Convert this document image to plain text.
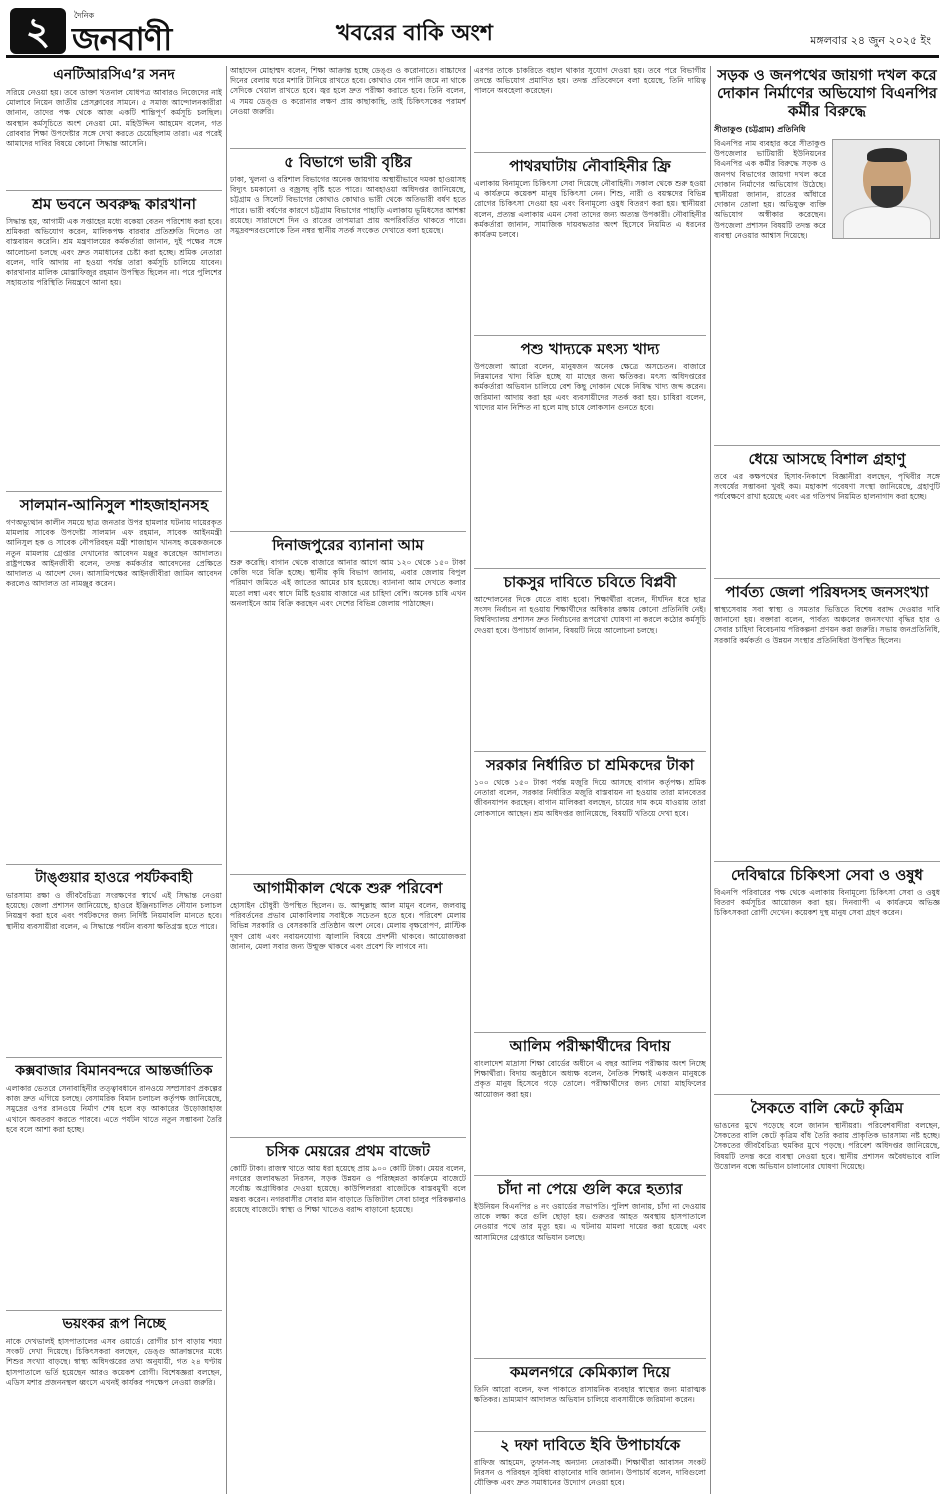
২	দৈনিক
জনবাণী	খবরের বাকি অংশ	মঙ্গলবার ২৪ জুন ২০২৫ ইং
এনটিআরসিএ’র সনদ

সরিয়ে নেওয়া হয়। তবে ডাক্তা খতনাল যোধপত্র আবারও নিজেদের নাই মোলাবে নিয়েন জাতীয় প্রেসক্লাবের সামনে। ৫ সমাজ আন্দোলনকারীরা জানান, তাদের পক্ষ থেকে আজ একটি শান্তিপূর্ণ কর্মসূচি চলছিল। অবস্থান কর্মসূচিতে অংশ নেওয়া মো. মহিউদ্দিন আহমেদ বলেন, গত রোববার শিক্ষা উপদেষ্টার সঙ্গে দেখা করতে চেয়েছিলাম তারা। এর পরেই আমাদের দাবির বিষয়ে কোনো সিদ্ধান্ত আসেনি।

শ্রম ভবনে অবরুদ্ধ কারখানা

সিদ্ধান্ত হয়, আগামী এক সপ্তাহের মধ্যে বকেয়া বেতন পরিশোধ করা হবে। শ্রমিকরা অভিযোগ করেন, মালিকপক্ষ বারবার প্রতিশ্রুতি দিলেও তা বাস্তবায়ন করেনি। শ্রম মন্ত্রণালয়ের কর্মকর্তারা জানান, দুই পক্ষের সঙ্গে আলোচনা চলছে এবং দ্রুত সমাধানের চেষ্টা করা হচ্ছে। শ্রমিক নেতারা বলেন, দাবি আদায় না হওয়া পর্যন্ত তারা কর্মসূচি চালিয়ে যাবেন। কারখানার মালিক মোস্তাফিজুর রহমান উপস্থিত ছিলেন না। পরে পুলিশের সহায়তায় পরিস্থিতি নিয়ন্ত্রণে আনা হয়।

সালমান-আনিসুল শাহজাহানসহ

গণঅভ্যুত্থান কালীন সময়ে ছাত্র জনতার উপর হামলার ঘটনায় দায়েরকৃত মামলায় সাবেক উপদেষ্টা সালমান এফ রহমান, সাবেক আইনমন্ত্রী আনিসুল হক ও সাবেক নৌপরিবহন মন্ত্রী শাজাহান খানসহ কয়েকজনকে নতুন মামলায় গ্রেপ্তার দেখানোর আবেদন মঞ্জুর করেছেন আদালত। রাষ্ট্রপক্ষের আইনজীবী বলেন, তদন্ত কর্মকর্তার আবেদনের প্রেক্ষিতে আদালত এ আদেশ দেন। আসামিপক্ষের আইনজীবীরা জামিন আবেদন করলেও আদালত তা নামঞ্জুর করেন।

টাঙ্গুয়ার হাওরে পর্যটকবাহী

ভারসাম্য রক্ষা ও জীববৈচিত্র্য সংরক্ষণের স্বার্থে এই সিদ্ধান্ত নেওয়া হয়েছে। জেলা প্রশাসন জানিয়েছে, হাওরে ইঞ্জিনচালিত নৌযান চলাচল নিয়ন্ত্রণ করা হবে এবং পর্যটকদের জন্য নির্দিষ্ট নিয়মাবলি মানতে হবে। স্থানীয় ব্যবসায়ীরা বলেন, এ সিদ্ধান্তে পর্যটন ব্যবসা ক্ষতিগ্রস্ত হতে পারে।

কক্সবাজার বিমানবন্দরে আন্তর্জাতিক

এলাকার ভেতরে সেনাবাহিনীর তত্ত্বাবধানে রানওয়ে সম্প্রসারণ প্রকল্পের কাজ দ্রুত এগিয়ে চলছে। বেসামরিক বিমান চলাচল কর্তৃপক্ষ জানিয়েছে, সমুদ্রের ওপর রানওয়ে নির্মাণ শেষ হলে বড় আকারের উড়োজাহাজ এখানে অবতরণ করতে পারবে। এতে পর্যটন খাতে নতুন সম্ভাবনা তৈরি হবে বলে আশা করা হচ্ছে।

ভয়ংকর রূপ নিচ্ছে

নাকে দেখভালই হাসপাতালের এসব ওয়ার্ডে। রোগীর চাপ বাড়ায় শয্যা সংকট দেখা দিয়েছে। চিকিৎসকরা বলছেন, ডেঙ্গু আক্রান্তদের মধ্যে শিশুর সংখ্যা বাড়ছে। স্বাস্থ্য অধিদপ্তরের তথ্য অনুযায়ী, গত ২৪ ঘণ্টায় হাসপাতালে ভর্তি হয়েছেন আরও কয়েকশ রোগী। বিশেষজ্ঞরা বলছেন, এডিস মশার প্রজননস্থল ধ্বংসে এখনই কার্যকর পদক্ষেপ নেওয়া জরুরি।

আহাদেন মোহাম্মদ বলেন, শিক্ষা আক্রান্ত হচ্ছে ডেঙ্গু ও করোনাতে। বাচ্চাদের দিনের বেলায় ঘরে মশারি টানিয়ে রাখতে হবে। কোথাও যেন পানি জমে না থাকে সেদিকে খেয়াল রাখতে হবে। জ্বর হলে দ্রুত পরীক্ষা করাতে হবে। তিনি বলেন, এ সময় ডেঙ্গু ও করোনার লক্ষণ প্রায় কাছাকাছি, তাই চিকিৎসকের পরামর্শ নেওয়া জরুরি।

৫ বিভাগে ভারী বৃষ্টির

ঢাকা, খুলনা ও বরিশাল বিভাগের অনেক জায়গায় অস্থায়ীভাবে দমকা হাওয়াসহ বিদ্যুৎ চমকানো ও বজ্রসহ বৃষ্টি হতে পারে। আবহাওয়া অধিদপ্তর জানিয়েছে, চট্টগ্রাম ও সিলেট বিভাগের কোথাও কোথাও ভারী থেকে অতিভারী বর্ষণ হতে পারে। ভারী বর্ষণের কারণে চট্টগ্রাম বিভাগের পাহাড়ি এলাকায় ভূমিধসের আশঙ্কা রয়েছে। সারাদেশে দিন ও রাতের তাপমাত্রা প্রায় অপরিবর্তিত থাকতে পারে। সমুদ্রবন্দরগুলোকে তিন নম্বর স্থানীয় সতর্ক সংকেত দেখাতে বলা হয়েছে।

দিনাজপুরের ব্যানানা আম

শুরু করেছি। বাগান থেকে বাজারে আনার আগে আম ১২০ থেকে ১৫০ টাকা কেজি দরে বিক্রি হচ্ছে। স্থানীয় কৃষি বিভাগ জানায়, এবার জেলায় বিপুল পরিমাণ জমিতে এই জাতের আমের চাষ হয়েছে। ব্যানানা আম দেখতে কলার মতো লম্বা এবং স্বাদে মিষ্টি হওয়ায় বাজারে এর চাহিদা বেশি। অনেক চাষি এখন অনলাইনে আম বিক্রি করছেন এবং দেশের বিভিন্ন জেলায় পাঠাচ্ছেন।

আগামীকাল থেকে শুরু পরিবেশ

হোসাইন চৌধুরী উপস্থিত ছিলেন। ড. আব্দুল্লাহ আল মামুন বলেন, জলবায়ু পরিবর্তনের প্রভাব মোকাবিলায় সবাইকে সচেতন হতে হবে। পরিবেশ মেলায় বিভিন্ন সরকারি ও বেসরকারি প্রতিষ্ঠান অংশ নেবে। মেলায় বৃক্ষরোপণ, প্লাস্টিক দূষণ রোধ এবং নবায়নযোগ্য জ্বালানি বিষয়ে প্রদর্শনী থাকবে। আয়োজকরা জানান, মেলা সবার জন্য উন্মুক্ত থাকবে এবং প্রবেশ ফি লাগবে না।

চসিক মেয়রের প্রথম বাজেট

কোটি টাকা। রাজস্ব খাতে আয় ধরা হয়েছে প্রায় ৯০০ কোটি টাকা। মেয়র বলেন, নগরের জলাবদ্ধতা নিরসন, সড়ক উন্নয়ন ও পরিচ্ছন্নতা কার্যক্রমে বাজেটে সর্বোচ্চ অগ্রাধিকার দেওয়া হয়েছে। কাউন্সিলররা বাজেটকে বাস্তবমুখী বলে মন্তব্য করেন। নগরবাসীর সেবার মান বাড়াতে ডিজিটাল সেবা চালুর পরিকল্পনাও রয়েছে বাজেটে। স্বাস্থ্য ও শিক্ষা খাতেও বরাদ্দ বাড়ানো হয়েছে।

এরপর তাকে চাকরিতে বহাল থাকার সুযোগ দেওয়া হয়। তবে পরে বিভাগীয় তদন্তে অভিযোগ প্রমাণিত হয়। তদন্ত প্রতিবেদনে বলা হয়েছে, তিনি দায়িত্ব পালনে অবহেলা করেছেন।

পাথরঘাটায় নৌবাহিনীর ফ্রি

এলাকায় বিনামূল্যে চিকিৎসা সেবা দিয়েছে নৌবাহিনী। সকাল থেকে শুরু হওয়া এ কার্যক্রমে কয়েকশ মানুষ চিকিৎসা নেন। শিশু, নারী ও বয়স্কদের বিভিন্ন রোগের চিকিৎসা দেওয়া হয় এবং বিনামূল্যে ওষুধ বিতরণ করা হয়। স্থানীয়রা বলেন, প্রত্যন্ত এলাকায় এমন সেবা তাদের জন্য অত্যন্ত উপকারী। নৌবাহিনীর কর্মকর্তারা জানান, সামাজিক দায়বদ্ধতার অংশ হিসেবে নিয়মিত এ ধরনের কার্যক্রম চলবে।

পশু খাদ্যকে মৎস্য খাদ্য

উপজেলা আরো বলেন, মানুষজন অনেক ক্ষেত্রে অসচেতন। বাজারে নিম্নমানের খাদ্য বিক্রি হচ্ছে যা মাছের জন্য ক্ষতিকর। মৎস্য অধিদপ্তরের কর্মকর্তারা অভিযান চালিয়ে বেশ কিছু দোকান থেকে নিষিদ্ধ খাদ্য জব্দ করেন। জরিমানা আদায় করা হয় এবং ব্যবসায়ীদের সতর্ক করা হয়। চাষিরা বলেন, খাদ্যের মান নিশ্চিত না হলে মাছ চাষে লোকসান গুনতে হবে।

চাকসুর দাবিতে চবিতে বিপ্লবী

আন্দোলনের দিকে যেতে বাধ্য হবো। শিক্ষার্থীরা বলেন, দীর্ঘদিন ধরে ছাত্র সংসদ নির্বাচন না হওয়ায় শিক্ষার্থীদের অধিকার রক্ষায় কোনো প্রতিনিধি নেই। বিশ্ববিদ্যালয় প্রশাসন দ্রুত নির্বাচনের রূপরেখা ঘোষণা না করলে কঠোর কর্মসূচি দেওয়া হবে। উপাচার্য জানান, বিষয়টি নিয়ে আলোচনা চলছে।

সরকার নির্ধারিত চা শ্রমিকদের টাকা

১০০ থেকে ১৫০ টাকা পর্যন্ত মজুরি দিয়ে আসছে বাগান কর্তৃপক্ষ। শ্রমিক নেতারা বলেন, সরকার নির্ধারিত মজুরি বাস্তবায়ন না হওয়ায় তারা মানবেতর জীবনযাপন করছেন। বাগান মালিকরা বলছেন, চায়ের দাম কমে যাওয়ায় তারা লোকসানে আছেন। শ্রম অধিদপ্তর জানিয়েছে, বিষয়টি খতিয়ে দেখা হবে।

আলিম পরীক্ষার্থীদের বিদায়

বাংলাদেশ মাদ্রাসা শিক্ষা বোর্ডের অধীনে এ বছর আলিম পরীক্ষায় অংশ নিচ্ছে শিক্ষার্থীরা। বিদায় অনুষ্ঠানে অধ্যক্ষ বলেন, নৈতিক শিক্ষাই একজন মানুষকে প্রকৃত মানুষ হিসেবে গড়ে তোলে। পরীক্ষার্থীদের জন্য দোয়া মাহফিলের আয়োজন করা হয়।

চাঁদা না পেয়ে গুলি করে হত্যার

ইউনিয়ন বিএনপির ৪ নং ওয়ার্ডের সভাপতি। পুলিশ জানায়, চাঁদা না দেওয়ায় তাকে লক্ষ্য করে গুলি ছোড়া হয়। গুরুতর আহত অবস্থায় হাসপাতালে নেওয়ার পথে তার মৃত্যু হয়। এ ঘটনায় মামলা দায়ের করা হয়েছে এবং আসামিদের গ্রেপ্তারে অভিযান চলছে।

কমলনগরে কেমিক্যাল দিয়ে

তিনি আরো বলেন, ফল পাকাতে রাসায়নিক ব্যবহার স্বাস্থ্যের জন্য মারাত্মক ক্ষতিকর। ভ্রাম্যমাণ আদালত অভিযান চালিয়ে ব্যবসায়ীকে জরিমানা করেন।

২ দফা দাবিতে ইবি উপাচার্যকে

রাফিজ আহমেদ, তুফান-সহ অন্যান্য নেতাকর্মী। শিক্ষার্থীরা আবাসন সংকট নিরসন ও পরিবহন সুবিধা বাড়ানোর দাবি জানান। উপাচার্য বলেন, দাবিগুলো যৌক্তিক এবং দ্রুত সমাধানের উদ্যোগ নেওয়া হবে।

সড়ক ও জনপথের জায়গা দখল করে দোকান নির্মাণের অভিযোগ বিএনপির কর্মীর বিরুদ্ধে
সীতাকুণ্ড (চট্টগ্রাম) প্রতিনিধি

বিএনপির নাম ব্যবহার করে সীতাকুণ্ড উপজেলার ভাটিয়ারী ইউনিয়নের বিএনপির এক কর্মীর বিরুদ্ধে সড়ক ও জনপথ বিভাগের জায়গা দখল করে দোকান নির্মাণের অভিযোগ উঠেছে। স্থানীয়রা জানান, রাতের আঁধারে দোকান তোলা হয়। অভিযুক্ত ব্যক্তি অভিযোগ অস্বীকার করেছেন। উপজেলা প্রশাসন বিষয়টি তদন্ত করে ব্যবস্থা নেওয়ার আশ্বাস দিয়েছে।

ধেয়ে আসছে বিশাল গ্রহাণু

তবে এর কক্ষপথের হিসাব-নিকাশে বিজ্ঞানীরা বলছেন, পৃথিবীর সঙ্গে সংঘর্ষের সম্ভাবনা খুবই কম। মহাকাশ গবেষণা সংস্থা জানিয়েছে, গ্রহাণুটি পর্যবেক্ষণে রাখা হয়েছে এবং এর গতিপথ নিয়মিত হালনাগাদ করা হচ্ছে।

পার্বত্য জেলা পরিষদসহ জনসংখ্যা

স্বাস্থ্যসেবায় সবা স্বাস্থ্য ও সমতার ভিত্তিতে বিশেষ বরাদ্দ দেওয়ার দাবি জানানো হয়। বক্তারা বলেন, পার্বত্য অঞ্চলের জনসংখ্যা বৃদ্ধির হার ও সেবার চাহিদা বিবেচনায় পরিকল্পনা প্রণয়ন করা জরুরি। সভায় জনপ্রতিনিধি, সরকারি কর্মকর্তা ও উন্নয়ন সংস্থার প্রতিনিধিরা উপস্থিত ছিলেন।

দেবিদ্বারে চিকিৎসা সেবা ও ওষুধ

বিএনপি পরিবারের পক্ষ থেকে এলাকায় বিনামূল্যে চিকিৎসা সেবা ও ওষুধ বিতরণ কর্মসূচির আয়োজন করা হয়। দিনব্যাপী এ কার্যক্রমে অভিজ্ঞ চিকিৎসকরা রোগী দেখেন। কয়েকশ দুস্থ মানুষ সেবা গ্রহণ করেন।

সৈকতে বালি কেটে কৃত্রিম

ভাঙনের মুখে পড়েছে বলে জানান স্থানীয়রা। পরিবেশবাদীরা বলছেন, সৈকতের বালি কেটে কৃত্রিম বাঁধ তৈরি করায় প্রাকৃতিক ভারসাম্য নষ্ট হচ্ছে। সৈকতের জীববৈচিত্র্য হুমকির মুখে পড়ছে। পরিবেশ অধিদপ্তর জানিয়েছে, বিষয়টি তদন্ত করে ব্যবস্থা নেওয়া হবে। স্থানীয় প্রশাসন অবৈধভাবে বালি উত্তোলন বন্ধে অভিযান চালানোর ঘোষণা দিয়েছে।
